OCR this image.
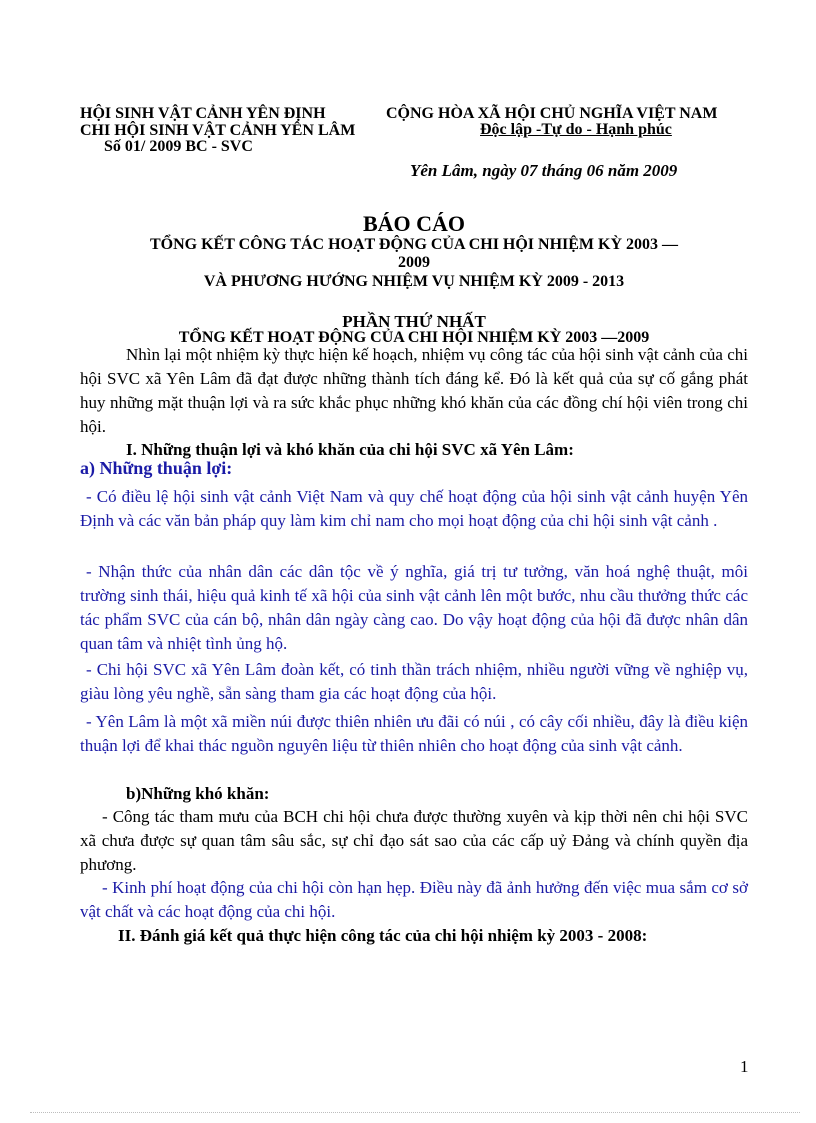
HỘI SINH VẬT CẢNH YÊN ĐỊNH
CHI HỘI SINH VẬT CẢNH YÊN LÂM
Số 01/ 2009 BC - SVC
CỘNG HÒA XÃ HỘI CHỦ NGHĨA VIỆT NAM
Độc lập -Tự do - Hạnh phúc
Yên Lâm, ngày 07 tháng 06 năm 2009
BÁO CÁO
TỔNG KẾT CÔNG TÁC HOẠT ĐỘNG CỦA CHI HỘI NHIỆM KỲ 2003 —
2009
VÀ PHƯƠNG HƯỚNG NHIỆM VỤ NHIỆM KỲ 2009 - 2013
PHẦN THỨ NHẤT
TỔNG KẾT HOẠT ĐỘNG CỦA CHI HỘI NHIỆM KỲ 2003 —2009
Nhìn lại một nhiệm kỳ thực hiện kế hoạch, nhiệm vụ công tác của hội sinh vật cảnh của chi hội SVC xã Yên Lâm đã đạt được những thành tích đáng kể. Đó là kết quả của sự cố gắng phát huy những mặt thuận lợi và ra sức khắc phục những khó khăn của các đồng chí hội viên trong chi hội.
I. Những thuận lợi và khó khăn của chi hội SVC xã Yên Lâm:
a) Những thuận lợi:
- Có điều lệ hội sinh vật cảnh Việt Nam và quy chế hoạt động của hội sinh vật cảnh huyện Yên Định và các văn bản pháp quy làm kim chỉ nam cho mọi hoạt động của chi hội sinh vật cảnh .
- Nhận thức của nhân dân các dân tộc về ý nghĩa, giá trị tư tưởng, văn hoá nghệ thuật, môi trường sinh thái, hiệu quả kinh tế xã hội của sinh vật cảnh lên một bước, nhu cầu thưởng thức các tác phẩm SVC của cán bộ, nhân dân ngày càng cao. Do vậy hoạt động của hội đã được nhân dân quan tâm và nhiệt tình ủng hộ.
- Chi hội SVC xã Yên Lâm đoàn kết, có tinh thần trách nhiệm, nhiều người vững về nghiệp vụ, giàu lòng yêu nghề, sẵn sàng tham gia các hoạt động của hội.
- Yên Lâm là một xã miền núi được thiên nhiên ưu đãi có núi , có cây cối nhiều, đây là điều kiện thuận lợi để khai thác nguồn nguyên liệu từ thiên nhiên cho hoạt động của sinh vật cảnh.
b)Những khó khăn:
- Công tác tham mưu của BCH chi hội chưa được thường xuyên và kịp thời nên chi hội SVC xã chưa được sự quan tâm sâu sắc, sự chỉ đạo sát sao của các cấp uỷ Đảng và chính quyền địa phương.
- Kinh phí hoạt động của chi hội còn hạn hẹp. Điều này đã ảnh hưởng đến việc mua sắm cơ sở vật chất và các hoạt động của chi hội.
II. Đánh giá kết quả thực hiện công tác của chi hội nhiệm kỳ 2003 - 2008:
1
